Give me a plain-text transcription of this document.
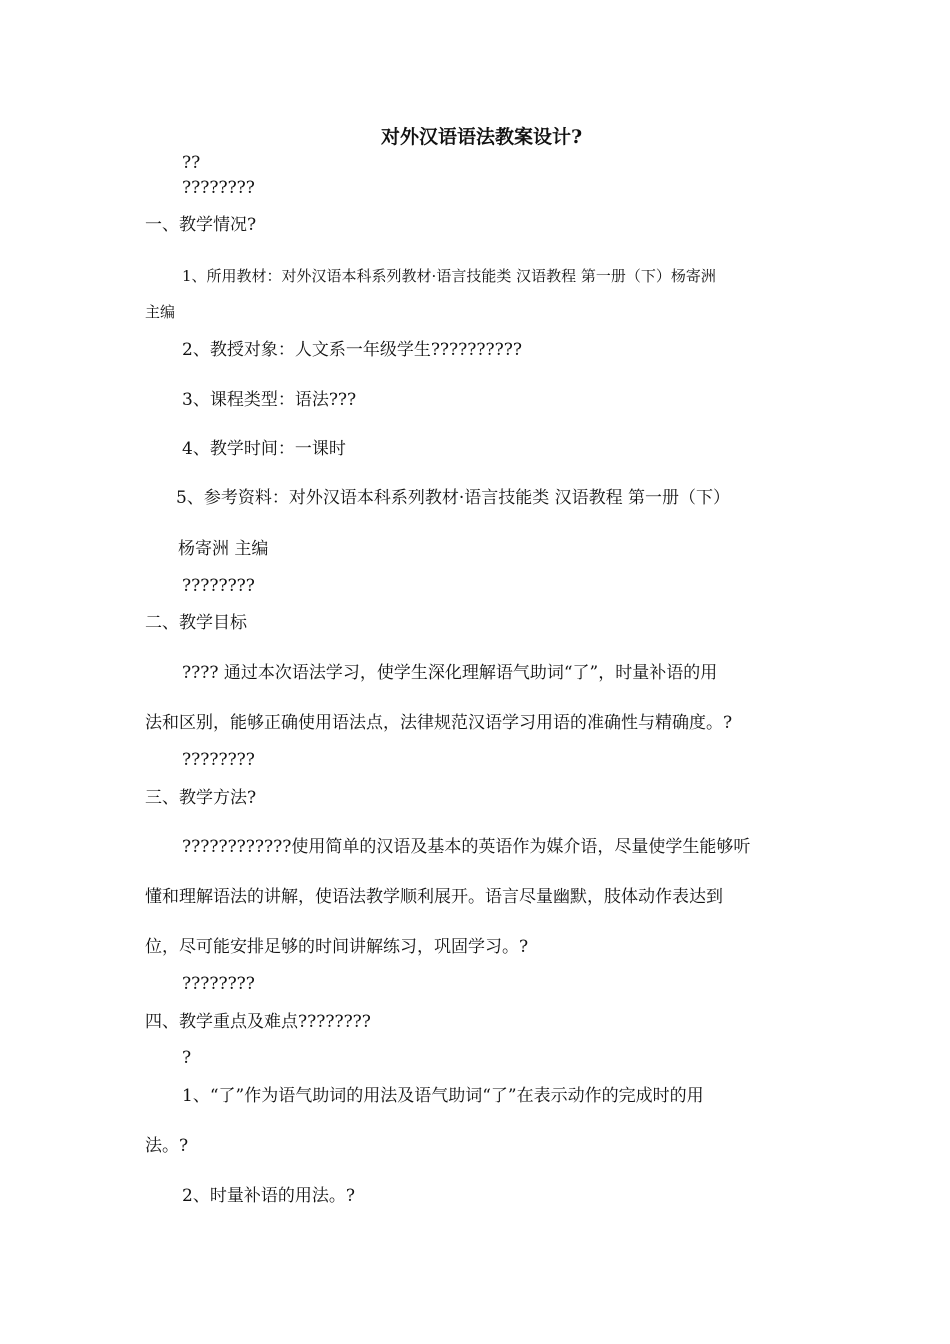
对外汉语语法教案设计?
??
????????
一、教学情况?
1、所用教材：对外汉语本科系列教材·语言技能类 汉语教程 第一册（下）杨寄洲
主编
2、教授对象：人文系一年级学生??????????
3、课程类型：语法???
4、教学时间：一课时
5、参考资料：对外汉语本科系列教材·语言技能类 汉语教程 第一册（下）
杨寄洲 主编
????????
二、教学目标
???? 通过本次语法学习，使学生深化理解语气助词“了”，时量补语的用
法和区别，能够正确使用语法点，法律规范汉语学习用语的准确性与精确度。?
????????
三、教学方法?
????????????使用简单的汉语及基本的英语作为媒介语，尽量使学生能够听
懂和理解语法的讲解，使语法教学顺利展开。语言尽量幽默，肢体动作表达到
位，尽可能安排足够的时间讲解练习，巩固学习。?
????????
四、教学重点及难点????????
?
1、“了”作为语气助词的用法及语气助词“了”在表示动作的完成时的用
法。?
2、时量补语的用法。?
